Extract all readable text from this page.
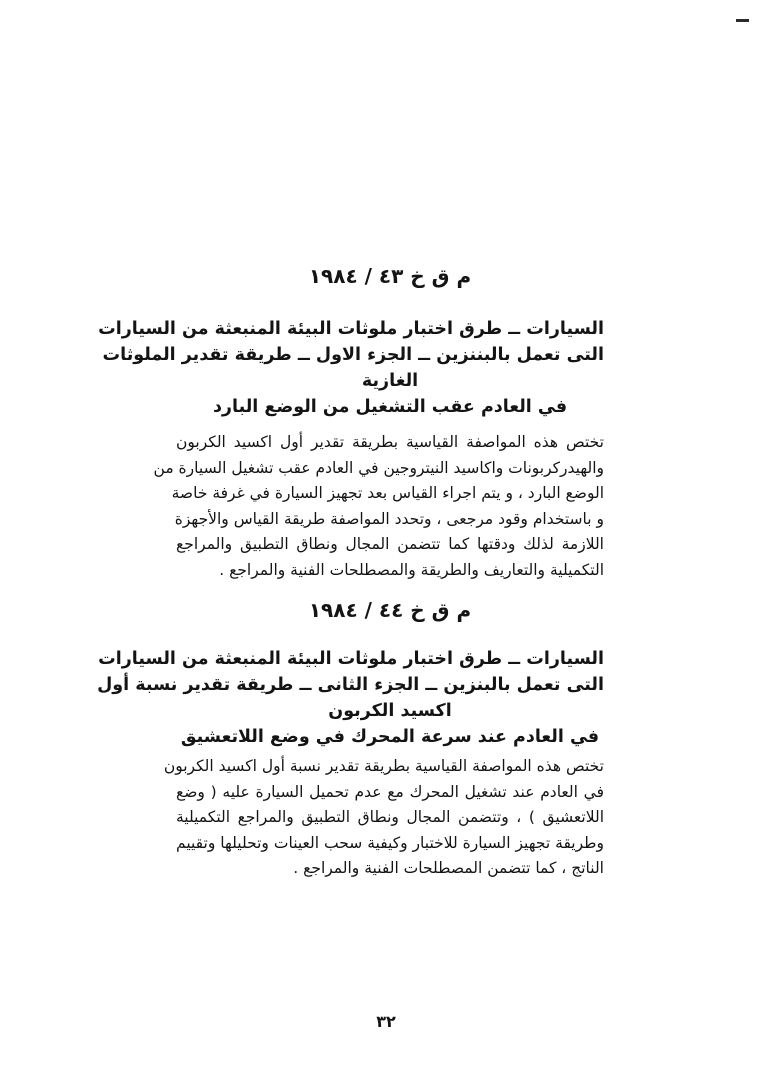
م ق خ ٤٣ / ١٩٨٤
السيارات ــ طرق اختبار ملوثات البيئة المنبعثة من السيارات
التى تعمل بالبننزين ــ الجزء الاول ــ طريقة تقدير الملوثات
الغازية
في العادم عقب التشغيل من الوضع البارد
تختص هذه المواصفة القياسية بطريقة تقدير أول اكسيد الكربون
والهيدركربونات واكاسيد النيتروجين في العادم عقب تشغيل السيارة من
الوضع البارد ، و يتم اجراء القياس بعد تجهيز السيارة في غرفة خاصة
و باستخدام وقود مرجعى ، وتحدد المواصفة طريقة القياس والأجهزة
اللازمة لذلك ودقتها كما تتضمن المجال ونطاق التطبيق والمراجع
التكميلية والتعاريف والطريقة والمصطلحات الفنية والمراجع .
م ق خ ٤٤ / ١٩٨٤
السيارات ــ طرق اختبار ملوثات البيئة المنبعثة من السيارات
التى تعمل بالبنزين ــ الجزء الثانى ــ طريقة تقدير نسبة أول
اكسيد الكربون
في العادم عند سرعة المحرك في وضع اللاتعشيق
تختص هذه المواصفة القياسية بطريقة تقدير نسبة أول اكسيد الكربون
في العادم عند تشغيل المحرك مع عدم تحميل السيارة عليه ( وضع
اللاتعشيق ) ، وتتضمن المجال ونطاق التطبيق والمراجع التكميلية
وطريقة تجهيز السيارة للاختبار وكيفية سحب العينات وتحليلها وتقييم
الناتج ، كما تتضمن المصطلحات الفنية والمراجع .
٣٢
